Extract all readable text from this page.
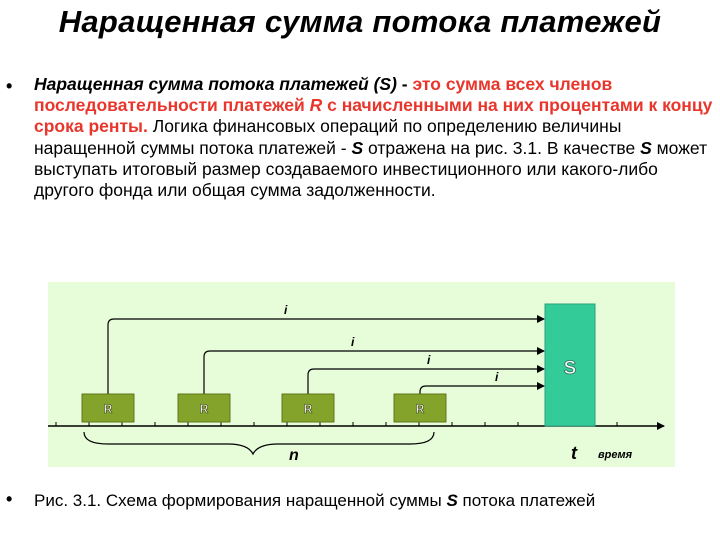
Наращенная сумма потока платежей
• Наращенная сумма потока платежей (S) - это сумма всех членов последовательности платежей R с начисленными на них процентами к концу срока ренты. Логика финансовых операций по определению величины наращенной суммы потока платежей - S отражена на рис. 3.1. В качестве S может выступать итоговый размер создаваемого инвестиционного или какого-либо другого фонда или общая сумма задолженности.
i
i
i
i
R	R	R	R
S
n	t время
• Рис. 3.1. Схема формирования наращенной суммы S потока платежей
